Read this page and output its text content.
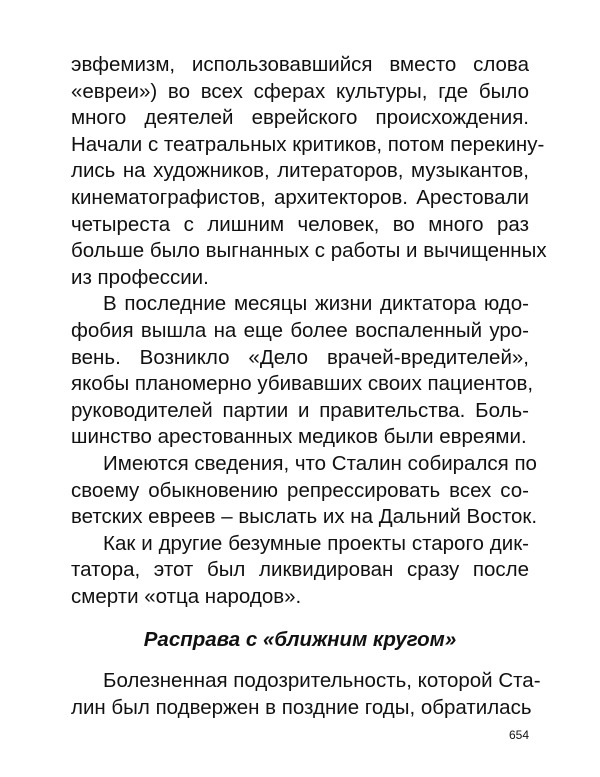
эвфемизм, использовавшийся вместо слова
«евреи») во всех сферах культуры, где было
много деятелей еврейского происхождения.
Начали с театральных критиков, потом перекину-
лись на художников, литераторов, музыкантов,
кинематографистов, архитекторов. Арестовали
четыреста с лишним человек, во много раз
больше было выгнанных с работы и вычищенных
из профессии.
В последние месяцы жизни диктатора юдо-
фобия вышла на еще более воспаленный уро-
вень. Возникло «Дело врачей-вредителей»,
якобы планомерно убивавших своих пациентов,
руководителей партии и правительства. Боль-
шинство арестованных медиков были евреями.
Имеются сведения, что Сталин собирался по
своему обыкновению репрессировать всех со-
ветских евреев – выслать их на Дальний Восток.
Как и другие безумные проекты старого дик-
татора, этот был ликвидирован сразу после
смерти «отца народов».
Расправа с «ближним кругом»
Болезненная подозрительность, которой Ста-
лин был подвержен в поздние годы, обратилась
654
